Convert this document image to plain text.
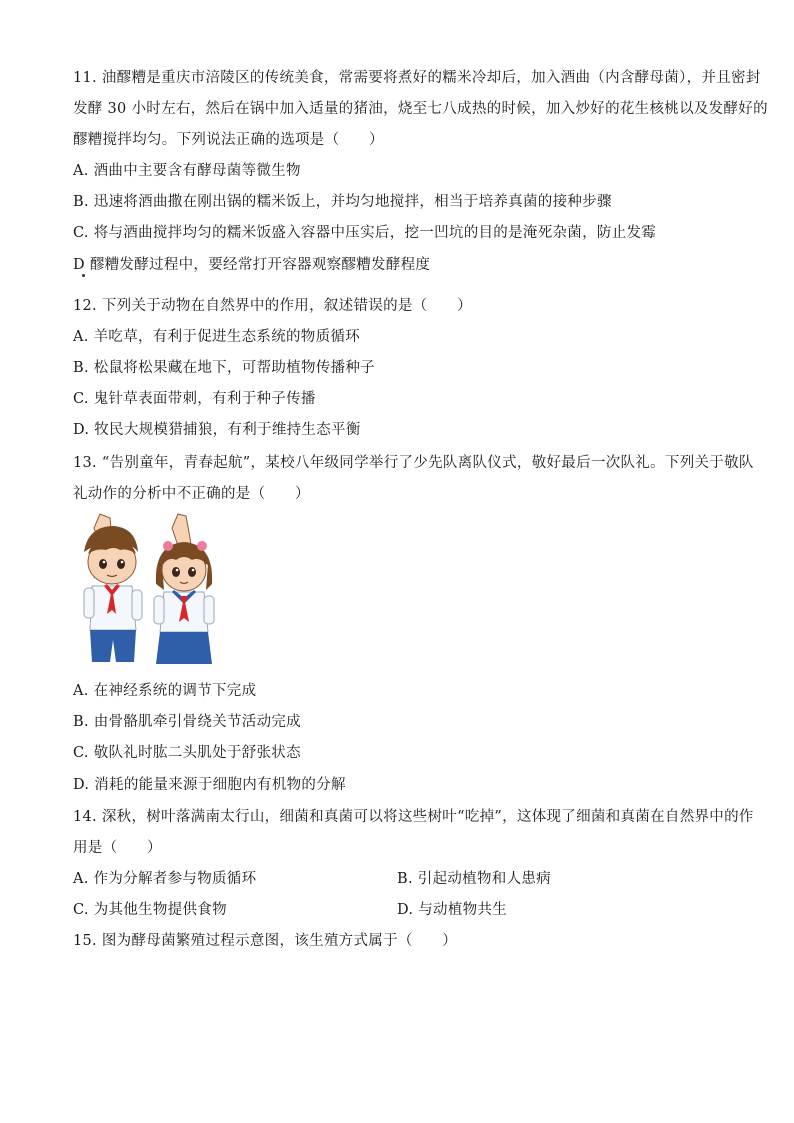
11. 油醪糟是重庆市涪陵区的传统美食，常需要将煮好的糯米冷却后，加入酒曲（内含酵母菌），并且密封
发酵 30 小时左右，然后在锅中加入适量的猪油，烧至七八成热的时候，加入炒好的花生核桃以及发酵好的
醪糟搅拌均匀。下列说法正确的选项是（　　）
A. 酒曲中主要含有酵母菌等微生物
B. 迅速将酒曲撒在刚出锅的糯米饭上，并均匀地搅拌，相当于培养真菌的接种步骤
C. 将与酒曲搅拌均匀的糯米饭盛入容器中压实后，挖一凹坑的目的是淹死杂菌，防止发霉
D 醪糟发酵过程中，要经常打开容器观察醪糟发酵程度
12. 下列关于动物在自然界中的作用，叙述错误的是（　　）
A. 羊吃草，有利于促进生态系统的物质循环
B. 松鼠将松果藏在地下，可帮助植物传播种子
C. 鬼针草表面带刺，有利于种子传播
D. 牧民大规模猎捕狼，有利于维持生态平衡
13. “告别童年，青春起航”，某校八年级同学举行了少先队离队仪式，敬好最后一次队礼。下列关于敬队
礼动作的分析中不正确的是（　　）
A. 在神经系统的调节下完成
B. 由骨骼肌牵引骨绕关节活动完成
C. 敬队礼时肱二头肌处于舒张状态
D. 消耗的能量来源于细胞内有机物的分解
14. 深秋，树叶落满南太行山，细菌和真菌可以将这些树叶“吃掉”，这体现了细菌和真菌在自然界中的作
用是（　　）
A. 作为分解者参与物质循环	B. 引起动植物和人患病
C. 为其他生物提供食物	D. 与动植物共生
15. 图为酵母菌繁殖过程示意图，该生殖方式属于（　　）
